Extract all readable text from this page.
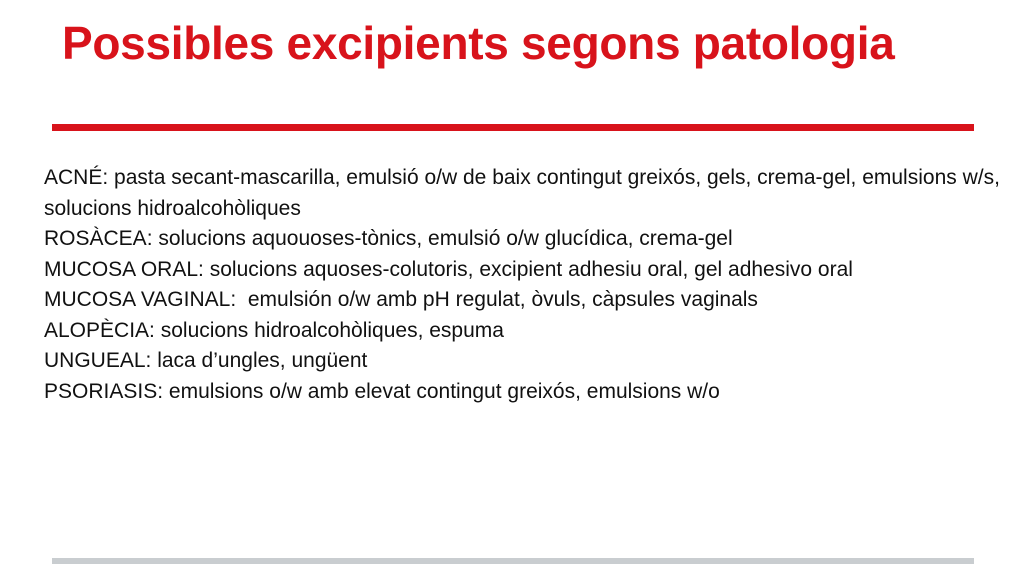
Possibles excipients segons patologia

ACNÉ: pasta secant-mascarilla, emulsió o/w de baix contingut greixós, gels, crema-gel, emulsions w/s, solucions hidroalcohòliques

ROSÀCEA: solucions aquouoses-tònics, emulsió o/w glucídica, crema-gel

MUCOSA ORAL: solucions aquoses-colutoris, excipient adhesiu oral, gel adhesivo oral

MUCOSA VAGINAL: emulsión o/w amb pH regulat, òvuls, càpsules vaginals

ALOPÈCIA: solucions hidroalcohòliques, espuma

UNGUEAL: laca d’ungles, ungüent

PSORIASIS: emulsions o/w amb elevat contingut greixós, emulsions w/o
